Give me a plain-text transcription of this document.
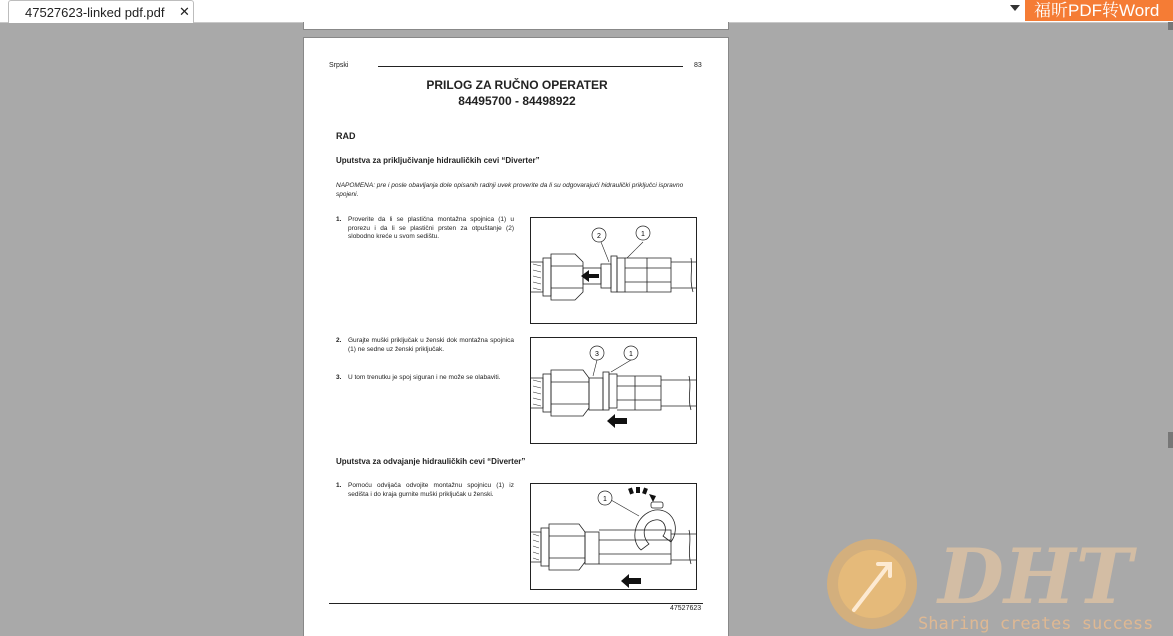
47527623-linked pdf.pdf ✕	福昕PDF转Word
Srpski	83
PRILOG ZA RUČNO OPERATER
84495700 - 84498922
RAD
Uputstva za priključivanje hidrauličkih cevi “Diverter”
NAPOMENA: pre i posle obavljanja dole opisanih radnji uvek proverite da li su odgovarajući hidraulički priključci ispravno spojeni.
1. Proverite da li se plastična montažna spojnica (1) u prorezu i da li se plastični prsten za otpuštanje (2) slobodno kreće u svom sedištu.
2. Gurajte muški priključak u ženski dok montažna spojnica (1) ne sedne uz ženski priključak.
3. U tom trenutku je spoj siguran i ne može se olabaviti.
Uputstva za odvajanje hidrauličkih cevi “Diverter”
1. Pomoću odvijača odvojite montažnu spojnicu (1) iz sedišta i do kraja gurnite muški priključak u ženski.
2	1
3	1
1
47527623	DHT
Sharing creates success
